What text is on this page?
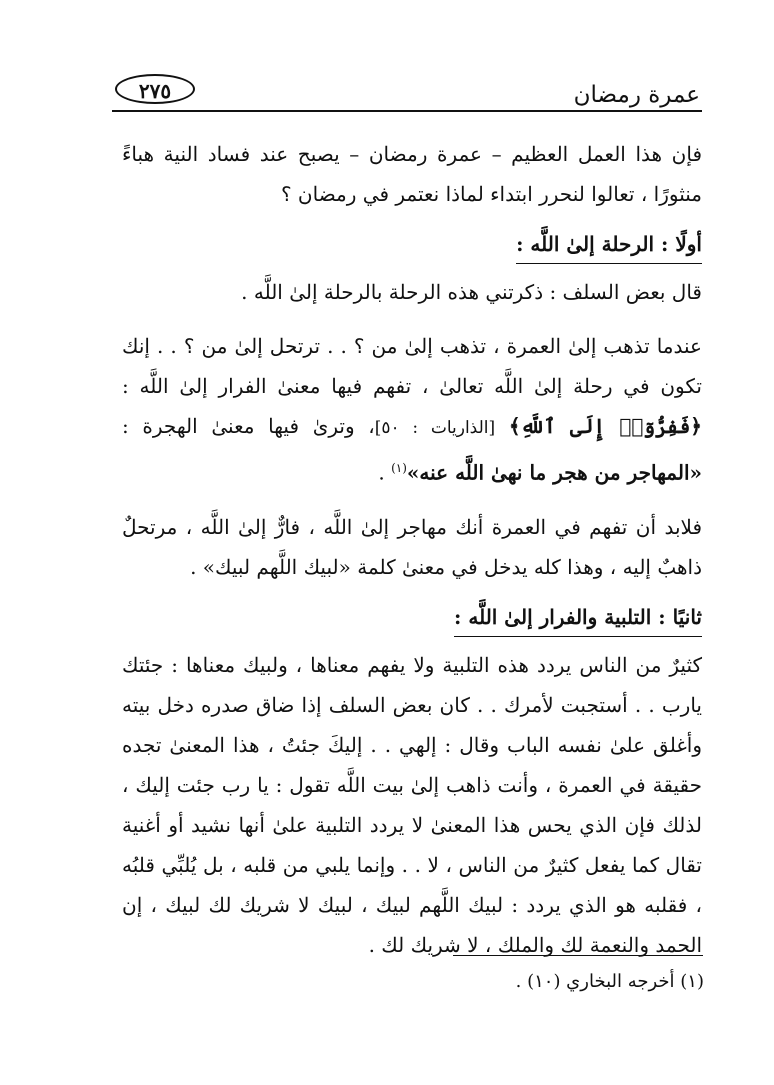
عمرة رمضان
٢٧٥

فإن هذا العمل العظيم – عمرة رمضان – يصبح عند فساد النية هباءً منثورًا ، تعالوا لنحرر ابتداء لماذا نعتمر في رمضان ؟

أولًا : الرحلة إلىٰ اللَّه :

قال بعض السلف : ذكرتني هذه الرحلة بالرحلة إلىٰ اللَّه .

عندما تذهب إلىٰ العمرة ، تذهب إلىٰ من ؟ . . ترتحل إلىٰ من ؟ . . إنك تكون في رحلة إلىٰ اللَّه تعالىٰ ، تفهم فيها معنىٰ الفرار إلىٰ اللَّه : ﴿فَفِرُّوٓا۟ إِلَى ٱللَّهِ﴾ [الذاريات : ٥٠]، وترىٰ فيها معنىٰ الهجرة : «المهاجر من هجر ما نهىٰ اللَّه عنه»$^{(١)}$ .

فلابد أن تفهم في العمرة أنك مهاجر إلىٰ اللَّه ، فارٌّ إلىٰ اللَّه ، مرتحلٌ ذاهبٌ إليه ، وهذا كله يدخل في معنىٰ كلمة «لبيك اللَّهم لبيك» .

ثانيًا : التلبية والفرار إلىٰ اللَّه :

كثيرٌ من الناس يردد هذه التلبية ولا يفهم معناها ، ولبيك معناها : جئتك يارب . . أستجبت لأمرك . . كان بعض السلف إذا ضاق صدره دخل بيته وأغلق علىٰ نفسه الباب وقال : إلهي . . إليكَ جئتُ ، هذا المعنىٰ تجده حقيقة في العمرة ، وأنت ذاهب إلىٰ بيت اللَّه تقول : يا رب جئت إليك ، لذلك فإن الذي يحس هذا المعنىٰ لا يردد التلبية علىٰ أنها نشيد أو أغنية تقال كما يفعل كثيرٌ من الناس ، لا . . وإنما يلبي من قلبه ، بل يُلبِّي قلبُه ، فقلبه هو الذي يردد : لبيك اللَّهم لبيك ، لبيك لا شريك لك لبيك ، إن الحمد والنعمة لك والملك ، لا شريك لك .

(١) أخرجه البخاري (١٠) .
